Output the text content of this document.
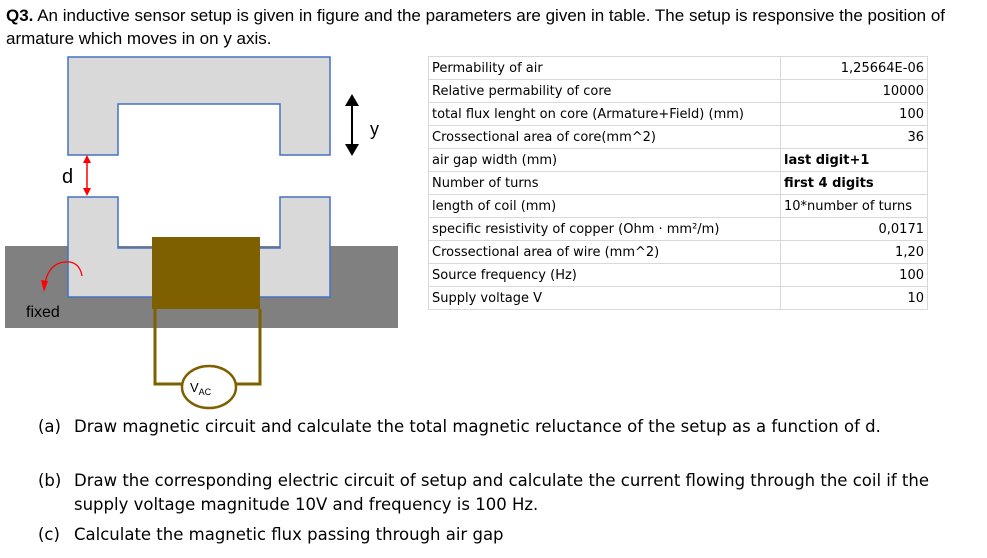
Q3. An inductive sensor setup is given in figure and the parameters are given in table. The setup is responsive the position of armature which moves in on y axis.
$V_{AC}$
d
y
fixed
Permability of air	1,25664E-06
Relative permability of core	10000
total flux lenght on core (Armature+Field) (mm)	100
Crossectional area of core(mm^2)	36
air gap width (mm)	last digit+1
Number of turns	first 4 digits
length of coil (mm)	10*number of turns
specific resistivity of copper (Ohm · mm²/m)	0,0171
Crossectional area of wire (mm^2)	1,20
Source frequency (Hz)	100
Supply voltage V	10
(a) Draw magnetic circuit and calculate the total magnetic reluctance of the setup as a function of d.
(b) Draw the corresponding electric circuit of setup and calculate the current flowing through the coil if the supply voltage magnitude 10V and frequency is 100 Hz.
(c) Calculate the magnetic flux passing through air gap
